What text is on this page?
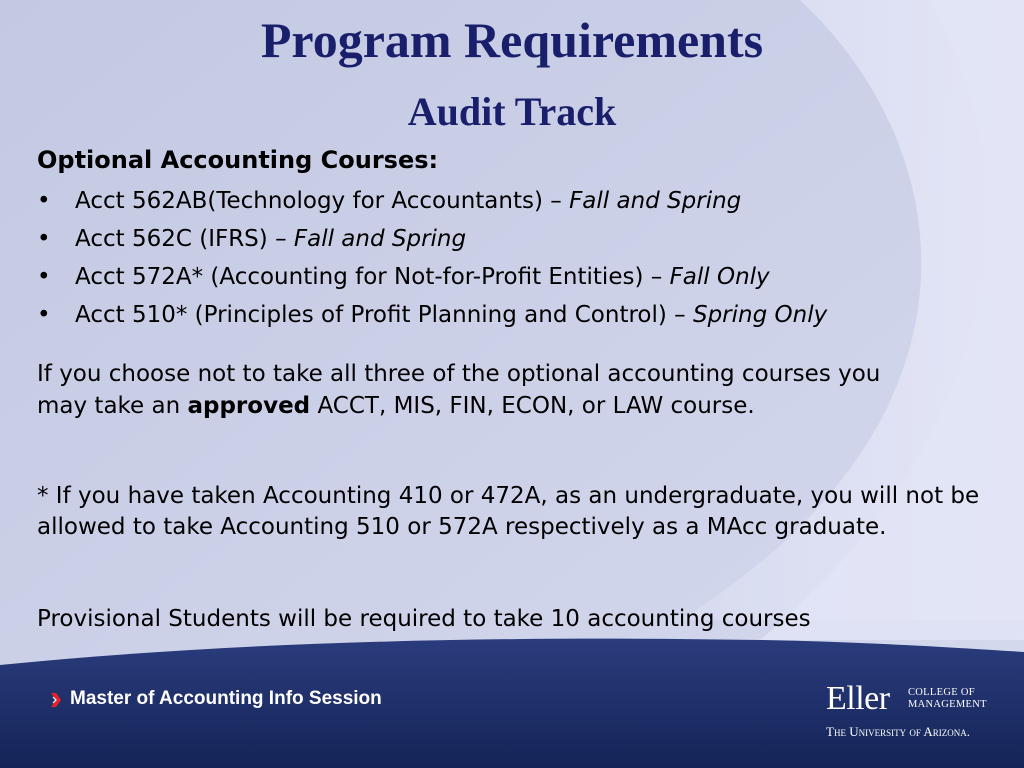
Program Requirements
Audit Track
Optional Accounting Courses:
• Acct 562AB(Technology for Accountants) – Fall and Spring
• Acct 562C (IFRS) – Fall and Spring
• Acct 572A* (Accounting for Not-for-Profit Entities) – Fall Only
• Acct 510* (Principles of Profit Planning and Control) – Spring Only

If you choose not to take all three of the optional accounting courses you may take an approved ACCT, MIS, FIN, ECON, or LAW course.

* If you have taken Accounting 410 or 472A, as an undergraduate, you will not be allowed to take Accounting 510 or 572A respectively as a MAcc graduate.

Provisional Students will be required to take 10 accounting courses

Master of Accounting Info Session	Eller COLLEGE OF
MANAGEMENT
The University of Arizona.
